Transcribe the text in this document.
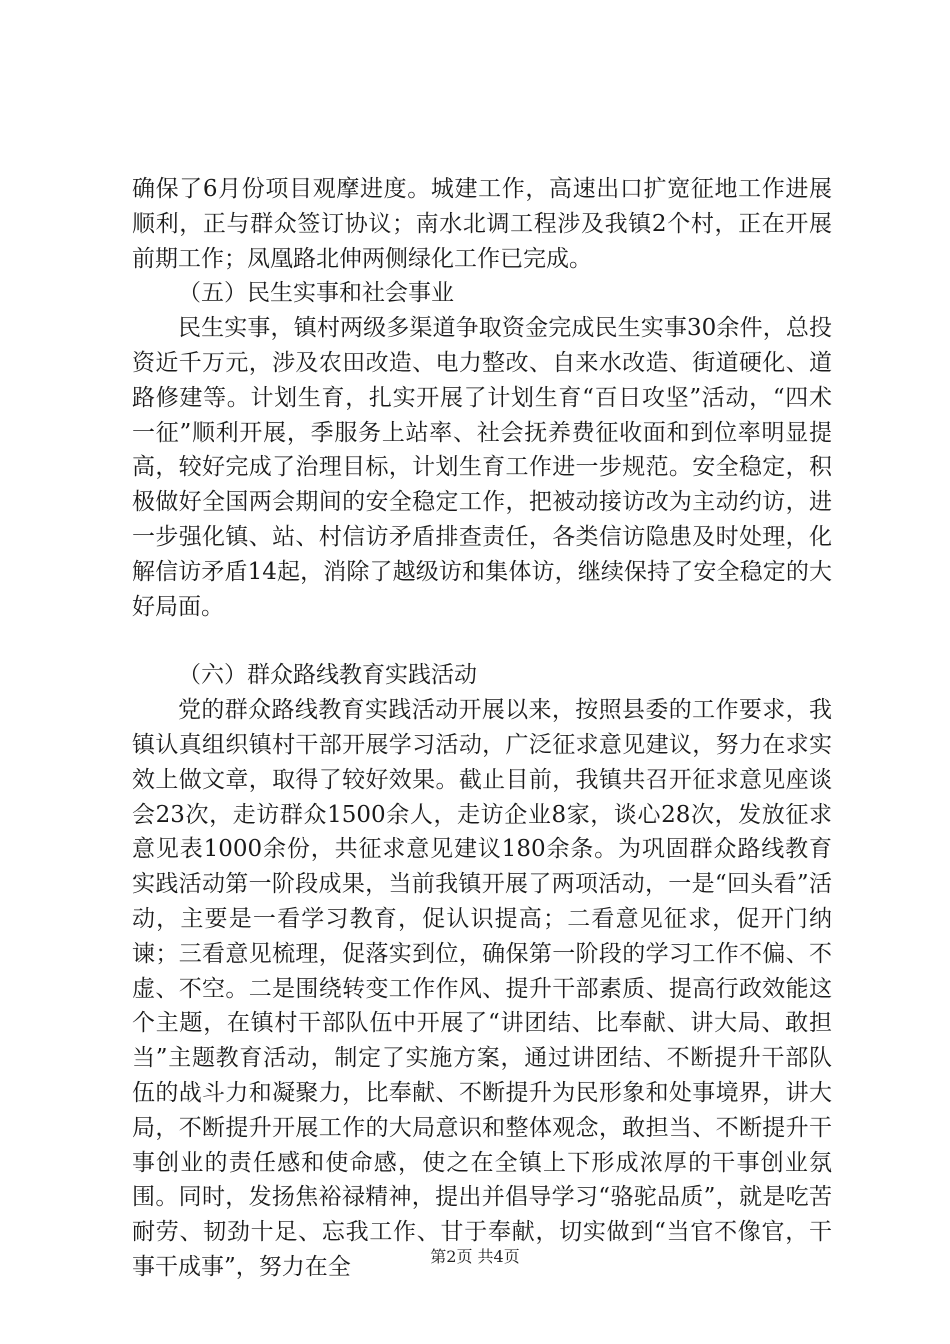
确保了6月份项目观摩进度。城建工作，高速出口扩宽征地工作进展顺利，正与群众签订协议；南水北调工程涉及我镇2个村，正在开展前期工作；凤凰路北伸两侧绿化工作已完成。

（五）民生实事和社会事业

民生实事，镇村两级多渠道争取资金完成民生实事30余件，总投资近千万元，涉及农田改造、电力整改、自来水改造、街道硬化、道路修建等。计划生育，扎实开展了计划生育“百日攻坚”活动，“四术一征”顺利开展，季服务上站率、社会抚养费征收面和到位率明显提高，较好完成了治理目标，计划生育工作进一步规范。安全稳定，积极做好全国两会期间的安全稳定工作，把被动接访改为主动约访，进一步强化镇、站、村信访矛盾排查责任，各类信访隐患及时处理，化解信访矛盾14起，消除了越级访和集体访，继续保持了安全稳定的大好局面。

（六）群众路线教育实践活动

党的群众路线教育实践活动开展以来，按照县委的工作要求，我镇认真组织镇村干部开展学习活动，广泛征求意见建议，努力在求实效上做文章，取得了较好效果。截止目前，我镇共召开征求意见座谈会23次，走访群众1500余人，走访企业8家，谈心28次，发放征求意见表1000余份，共征求意见建议180余条。为巩固群众路线教育实践活动第一阶段成果，当前我镇开展了两项活动，一是“回头看”活动，主要是一看学习教育，促认识提高；二看意见征求，促开门纳谏；三看意见梳理，促落实到位，确保第一阶段的学习工作不偏、不虚、不空。二是围绕转变工作作风、提升干部素质、提高行政效能这个主题，在镇村干部队伍中开展了“讲团结、比奉献、讲大局、敢担当”主题教育活动，制定了实施方案，通过讲团结、不断提升干部队伍的战斗力和凝聚力，比奉献、不断提升为民形象和处事境界，讲大局，不断提升开展工作的大局意识和整体观念，敢担当、不断提升干事创业的责任感和使命感，使之在全镇上下形成浓厚的干事创业氛围。同时，发扬焦裕禄精神，提出并倡导学习“骆驼品质”，就是吃苦耐劳、韧劲十足、忘我工作、甘于奉献，切实做到“当官不像官，干事干成事”，努力在全	第2页 共4页
